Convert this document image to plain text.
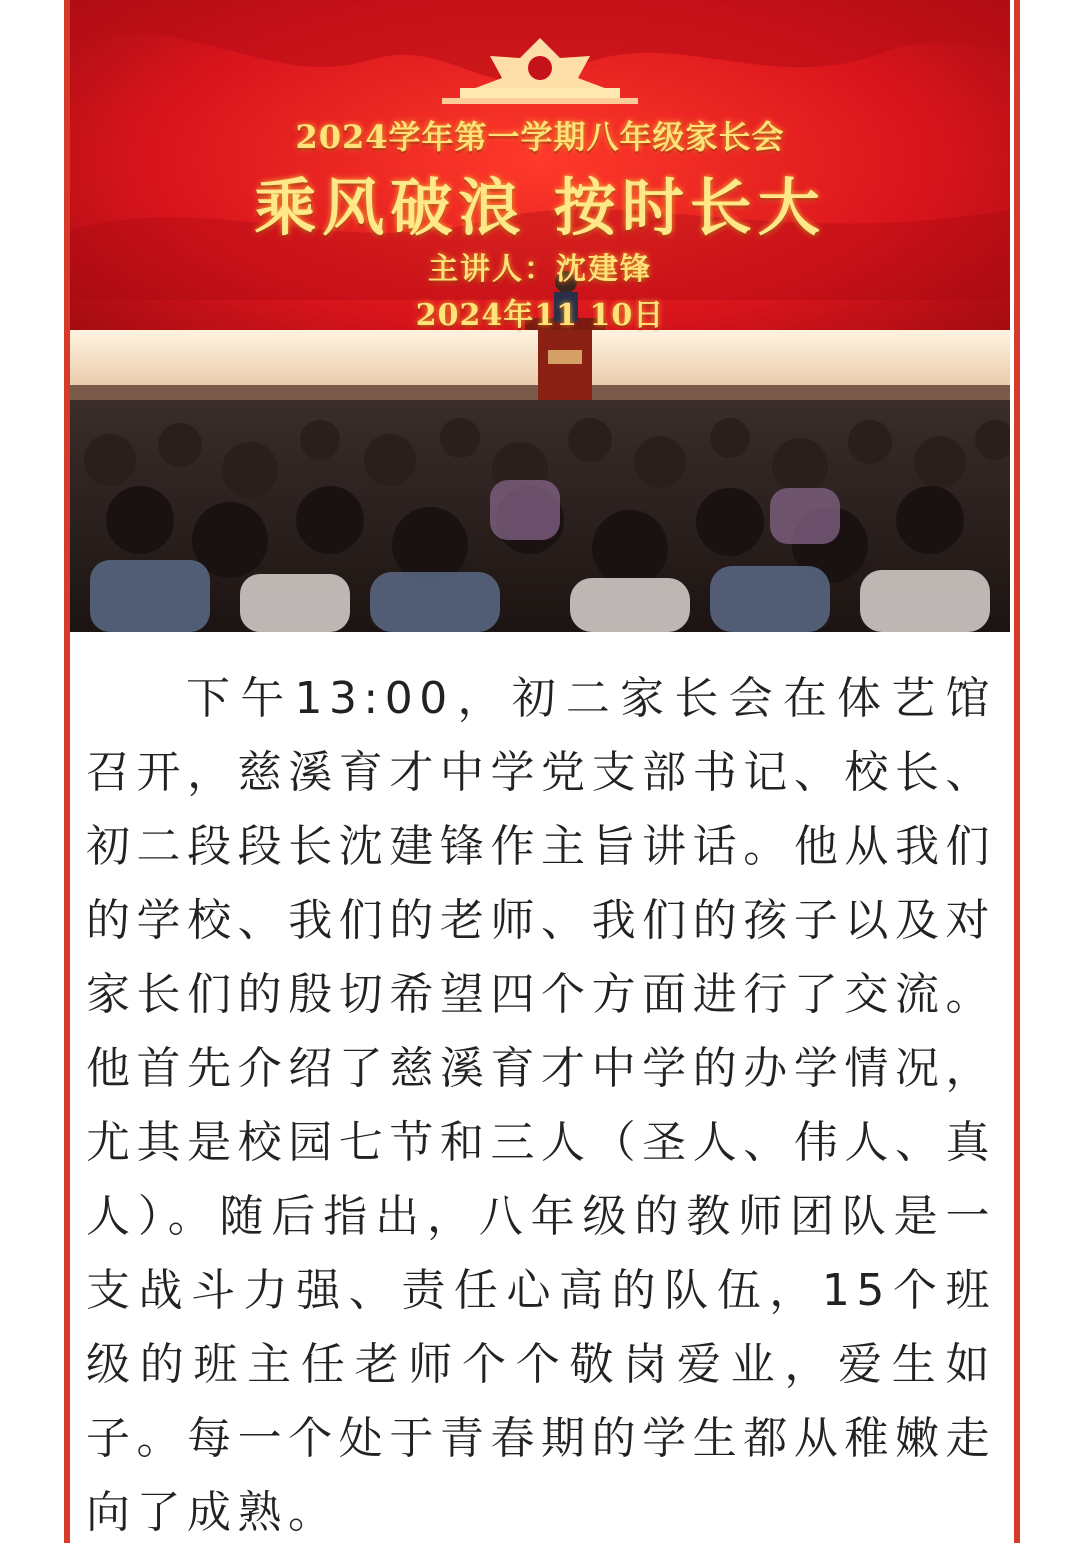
2024学年第一学期八年级家长会
乘风破浪 按时长大
主讲人：沈建锋
2024年11 10日

下午13:00，初二家长会在体艺馆召开，慈溪育才中学党支部书记、校长、初二段段长沈建锋作主旨讲话。他从我们的学校、我们的老师、我们的孩子以及对家长们的殷切希望四个方面进行了交流。他首先介绍了慈溪育才中学的办学情况，尤其是校园七节和三人（圣人、伟人、真人）。随后指出，八年级的教师团队是一支战斗力强、责任心高的队伍，15个班级的班主任老师个个敬岗爱业，爱生如子。每一个处于青春期的学生都从稚嫩走向了成熟。
